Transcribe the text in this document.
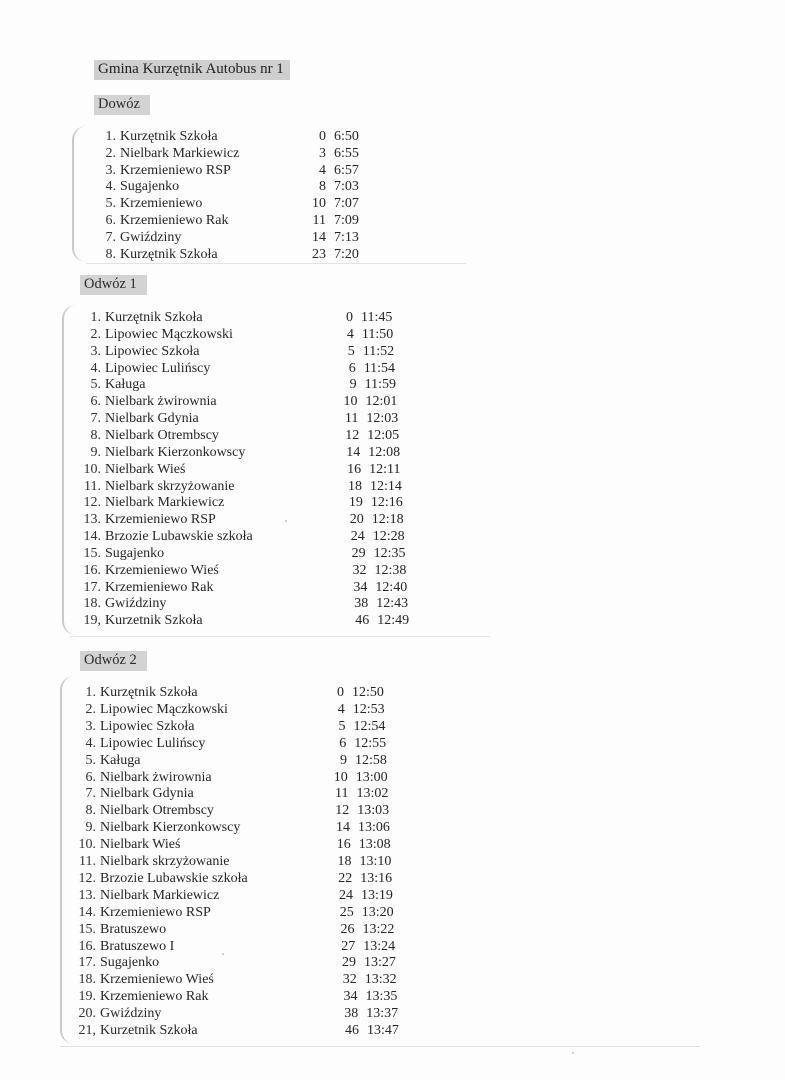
Gmina Kurzętnik Autobus nr 1
Dowóz
1. Kurzętnik Szkoła	0 6:50
2. Nielbark Markiewicz	3 6:55
3. Krzemieniewo RSP	4 6:57
4. Sugajenko	8 7:03
5. Krzemieniewo	10 7:07
6. Krzemieniewo Rak	11 7:09
7. Gwiździny	14 7:13
8. Kurzętnik Szkoła	23 7:20
Odwóz 1
1. Kurzętnik Szkoła	0 11:45
2. Lipowiec Mączkowski	4 11:50
3. Lipowiec Szkoła	5 11:52
4. Lipowiec Lulińscy	6 11:54
5. Kaługa	9 11:59
6. Nielbark żwirownia	10 12:01
7. Nielbark Gdynia	11 12:03
8. Nielbark Otrembscy	12 12:05
9. Nielbark Kierzonkowscy	14 12:08
10. Nielbark Wieś	16 12:11
11. Nielbark skrzyżowanie	18 12:14
12. Nielbark Markiewicz	19 12:16
13. Krzemieniewo RSP	20 12:18
14. Brzozie Lubawskie szkoła	24 12:28
15. Sugajenko	29 12:35
16. Krzemieniewo Wieś	32 12:38
17. Krzemieniewo Rak	34 12:40
18. Gwiździny	38 12:43
19, Kurzetnik Szkoła	46 12:49
Odwóz 2
1. Kurzętnik Szkoła	0 12:50
2. Lipowiec Mączkowski	4 12:53
3. Lipowiec Szkoła	5 12:54
4. Lipowiec Lulińscy	6 12:55
5. Kaługa	9 12:58
6. Nielbark żwirownia	10 13:00
7. Nielbark Gdynia	11 13:02
8. Nielbark Otrembscy	12 13:03
9. Nielbark Kierzonkowscy	14 13:06
10. Nielbark Wieś	16 13:08
11. Nielbark skrzyżowanie	18 13:10
12. Brzozie Lubawskie szkoła	22 13:16
13. Nielbark Markiewicz	24 13:19
14. Krzemieniewo RSP	25 13:20
15. Bratuszewo	26 13:22
16. Bratuszewo I	27 13:24
17. Sugajenko	29 13:27
18. Krzemieniewo Wieś	32 13:32
19. Krzemieniewo Rak	34 13:35
20. Gwiździny	38 13:37
21, Kurzetnik Szkoła	46 13:47
